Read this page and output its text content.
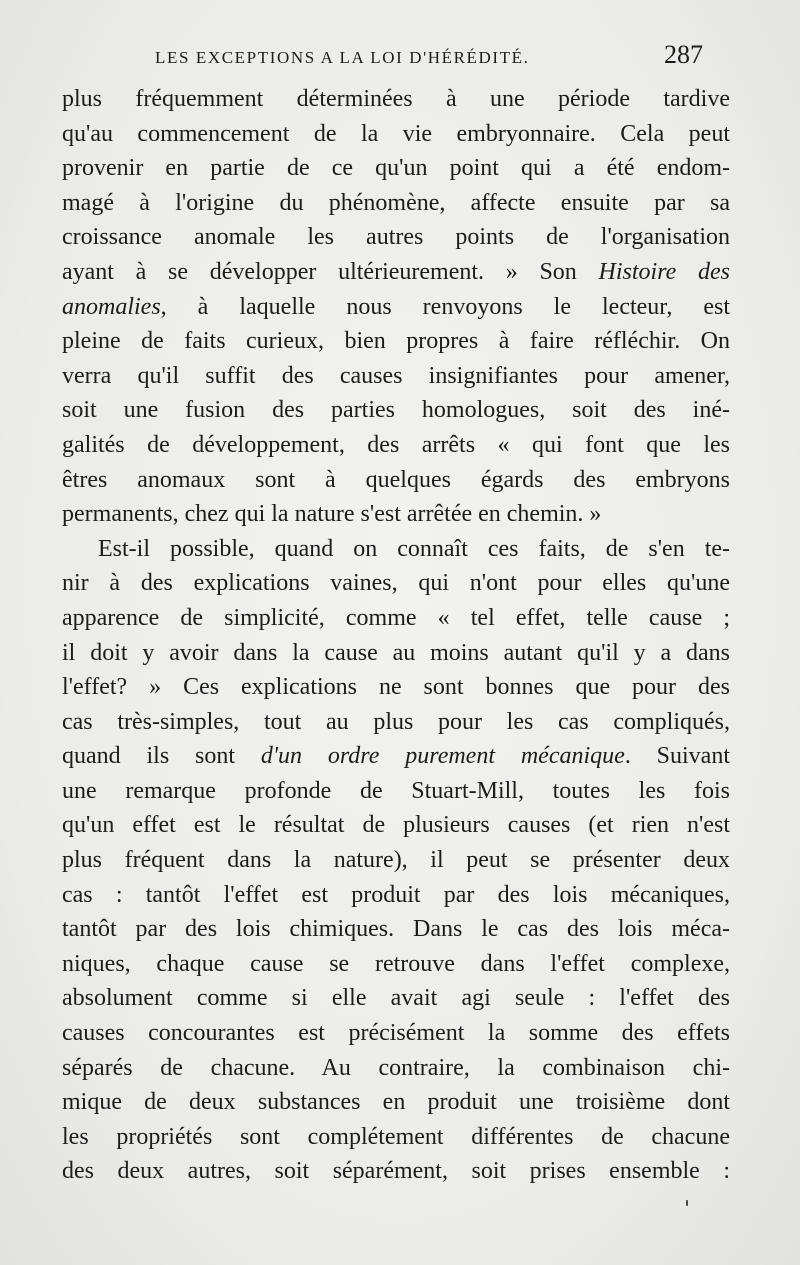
LES EXCEPTIONS A LA LOI D'HÉRÉDITÉ.	287
plus fréquemment déterminées à une période tardive
qu'au commencement de la vie embryonnaire. Cela peut
provenir en partie de ce qu'un point qui a été endom-
magé à l'origine du phénomène, affecte ensuite par sa
croissance anomale les autres points de l'organisation
ayant à se développer ultérieurement. » Son Histoire des
anomalies, à laquelle nous renvoyons le lecteur, est
pleine de faits curieux, bien propres à faire réfléchir. On
verra qu'il suffit des causes insignifiantes pour amener,
soit une fusion des parties homologues, soit des iné-
galités de développement, des arrêts « qui font que les
êtres anomaux sont à quelques égards des embryons
permanents, chez qui la nature s'est arrêtée en chemin. »
Est-il possible, quand on connaît ces faits, de s'en te-
nir à des explications vaines, qui n'ont pour elles qu'une
apparence de simplicité, comme « tel effet, telle cause ;
il doit y avoir dans la cause au moins autant qu'il y a dans
l'effet? » Ces explications ne sont bonnes que pour des
cas très-simples, tout au plus pour les cas compliqués,
quand ils sont d'un ordre purement mécanique. Suivant
une remarque profonde de Stuart-Mill, toutes les fois
qu'un effet est le résultat de plusieurs causes (et rien n'est
plus fréquent dans la nature), il peut se présenter deux
cas : tantôt l'effet est produit par des lois mécaniques,
tantôt par des lois chimiques. Dans le cas des lois méca-
niques, chaque cause se retrouve dans l'effet complexe,
absolument comme si elle avait agi seule : l'effet des
causes concourantes est précisément la somme des effets
séparés de chacune. Au contraire, la combinaison chi-
mique de deux substances en produit une troisième dont
les propriétés sont complétement différentes de chacune
des deux autres, soit séparément, soit prises ensemble :
